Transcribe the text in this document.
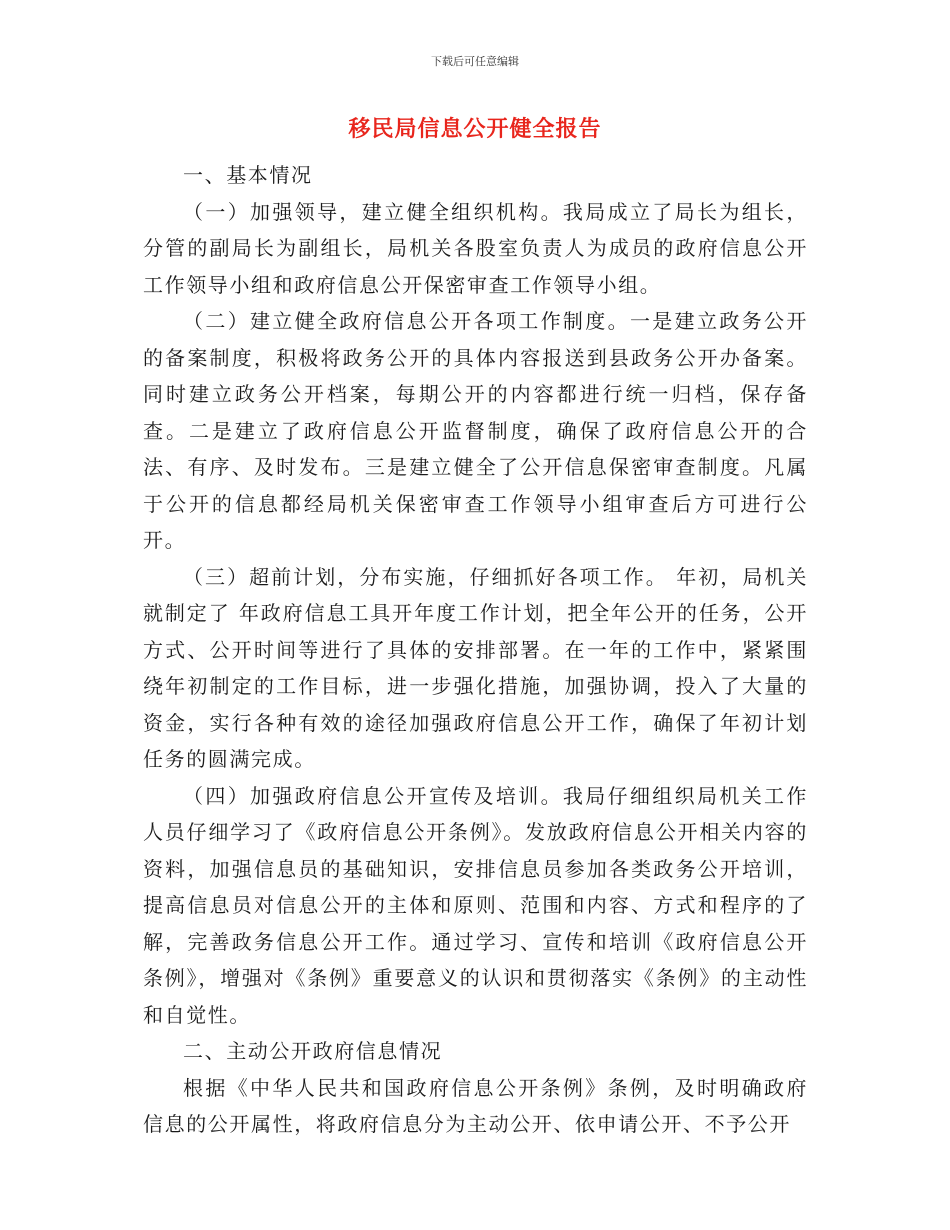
下载后可任意编辑
移民局信息公开健全报告

一、基本情况

（一）加强领导，建立健全组织机构。我局成立了局长为组长，分管的副局长为副组长，局机关各股室负责人为成员的政府信息公开工作领导小组和政府信息公开保密审查工作领导小组。

（二）建立健全政府信息公开各项工作制度。一是建立政务公开的备案制度，积极将政务公开的具体内容报送到县政务公开办备案。同时建立政务公开档案，每期公开的内容都进行统一归档，保存备查。二是建立了政府信息公开监督制度，确保了政府信息公开的合法、有序、及时发布。三是建立健全了公开信息保密审查制度。凡属于公开的信息都经局机关保密审查工作领导小组审查后方可进行公开。

（三）超前计划，分布实施，仔细抓好各项工作。 年初，局机关就制定了 年政府信息工具开年度工作计划，把全年公开的任务，公开方式、公开时间等进行了具体的安排部署。在一年的工作中，紧紧围绕年初制定的工作目标，进一步强化措施，加强协调，投入了大量的资金，实行各种有效的途径加强政府信息公开工作，确保了年初计划任务的圆满完成。

（四）加强政府信息公开宣传及培训。我局仔细组织局机关工作人员仔细学习了《政府信息公开条例》。发放政府信息公开相关内容的资料，加强信息员的基础知识，安排信息员参加各类政务公开培训，提高信息员对信息公开的主体和原则、范围和内容、方式和程序的了解，完善政务信息公开工作。通过学习、宣传和培训《政府信息公开条例》，增强对《条例》重要意义的认识和贯彻落实《条例》的主动性和自觉性。

二、主动公开政府信息情况

根据《中华人民共和国政府信息公开条例》条例，及时明确政府信息的公开属性，将政府信息分为主动公开、依申请公开、不予公开
